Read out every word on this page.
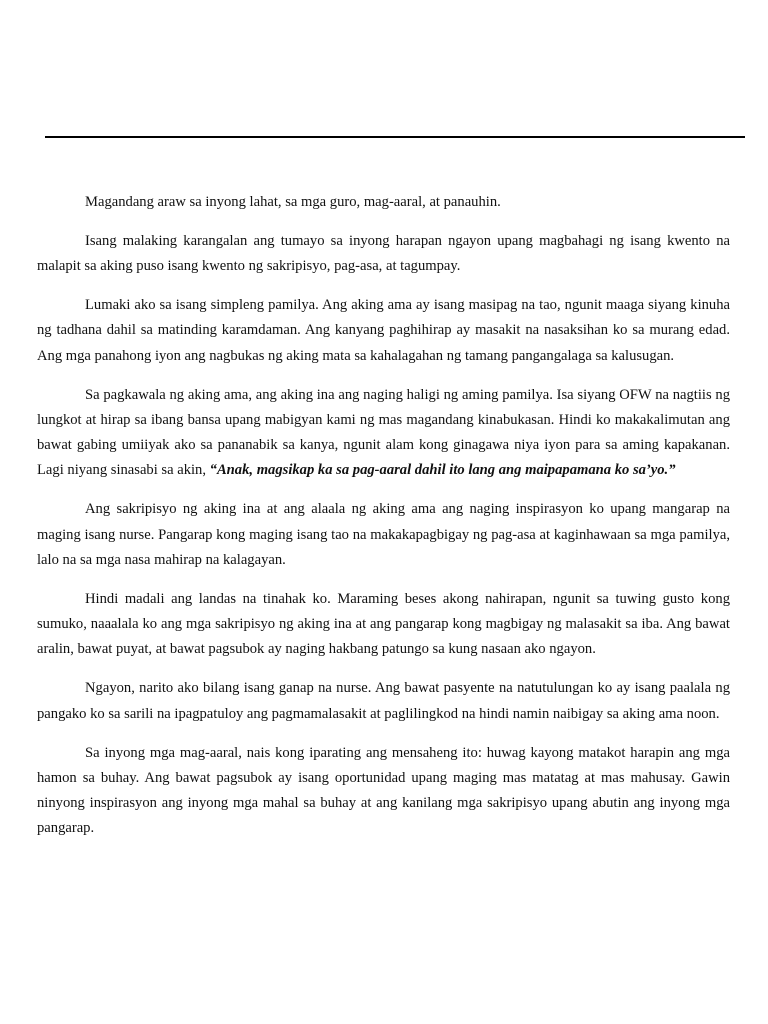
Magandang araw sa inyong lahat, sa mga guro, mag-aaral, at panauhin.

Isang malaking karangalan ang tumayo sa inyong harapan ngayon upang magbahagi ng isang kwento na malapit sa aking puso isang kwento ng sakripisyo, pag-asa, at tagumpay.

Lumaki ako sa isang simpleng pamilya. Ang aking ama ay isang masipag na tao, ngunit maaga siyang kinuha ng tadhana dahil sa matinding karamdaman. Ang kanyang paghihirap ay masakit na nasaksihan ko sa murang edad. Ang mga panahong iyon ang nagbukas ng aking mata sa kahalagahan ng tamang pangangalaga sa kalusugan.

Sa pagkawala ng aking ama, ang aking ina ang naging haligi ng aming pamilya. Isa siyang OFW na nagtiis ng lungkot at hirap sa ibang bansa upang mabigyan kami ng mas magandang kinabukasan. Hindi ko makakalimutan ang bawat gabing umiiyak ako sa pananabik sa kanya, ngunit alam kong ginagawa niya iyon para sa aming kapakanan. Lagi niyang sinasabi sa akin, “Anak, magsikap ka sa pag-aaral dahil ito lang ang maipapamana ko sa’yo.”

Ang sakripisyo ng aking ina at ang alaala ng aking ama ang naging inspirasyon ko upang mangarap na maging isang nurse. Pangarap kong maging isang tao na makakapagbigay ng pag-asa at kaginhawaan sa mga pamilya, lalo na sa mga nasa mahirap na kalagayan.

Hindi madali ang landas na tinahak ko. Maraming beses akong nahirapan, ngunit sa tuwing gusto kong sumuko, naaalala ko ang mga sakripisyo ng aking ina at ang pangarap kong magbigay ng malasakit sa iba. Ang bawat aralin, bawat puyat, at bawat pagsubok ay naging hakbang patungo sa kung nasaan ako ngayon.

Ngayon, narito ako bilang isang ganap na nurse. Ang bawat pasyente na natutulungan ko ay isang paalala ng pangako ko sa sarili na ipagpatuloy ang pagmamalasakit at paglilingkod na hindi namin naibigay sa aking ama noon.

Sa inyong mga mag-aaral, nais kong iparating ang mensaheng ito: huwag kayong matakot harapin ang mga hamon sa buhay. Ang bawat pagsubok ay isang oportunidad upang maging mas matatag at mas mahusay. Gawin ninyong inspirasyon ang inyong mga mahal sa buhay at ang kanilang mga sakripisyo upang abutin ang inyong mga pangarap.
